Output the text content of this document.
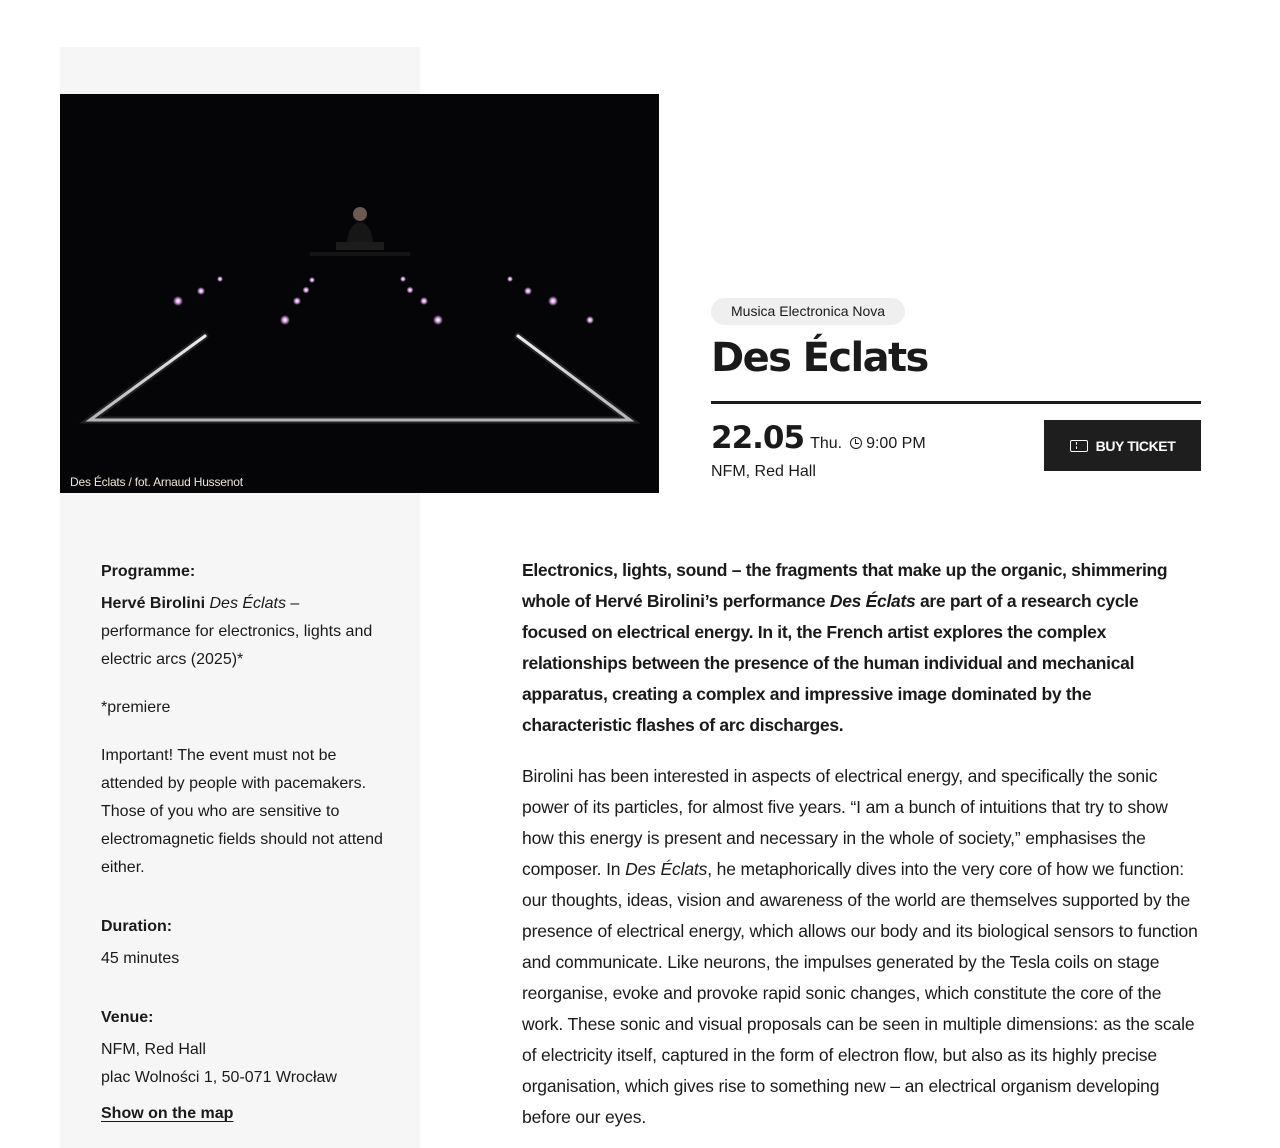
Des Éclats / fot. Arnaud Hussenot
Musica Electronica Nova
Des Éclats
22.05 Thu. 9:00 PM
NFM, Red Hall
BUY TICKET
Programme:
Hervé Birolini Des Éclats – performance for electronics, lights and electric arcs (2025)*
*premiere
Important! The event must not be attended by people with pacemakers. Those of you who are sensitive to electromagnetic fields should not attend either.
Duration:
45 minutes
Venue:
NFM, Red Hall
plac Wolności 1, 50-071 Wrocław
Show on the map

Electronics, lights, sound – the fragments that make up the organic, shimmering whole of Hervé Birolini’s performance Des Éclats are part of a research cycle focused on electrical energy. In it, the French artist explores the complex relationships between the presence of the human individual and mechanical apparatus, creating a complex and impressive image dominated by the characteristic flashes of arc discharges.

Birolini has been interested in aspects of electrical energy, and specifically the sonic power of its particles, for almost five years. “I am a bunch of intuitions that try to show how this energy is present and necessary in the whole of society,” emphasises the composer. In Des Éclats, he metaphorically dives into the very core of how we function: our thoughts, ideas, vision and awareness of the world are themselves supported by the presence of electrical energy, which allows our body and its biological sensors to function and communicate. Like neurons, the impulses generated by the Tesla coils on stage reorganise, evoke and provoke rapid sonic changes, which constitute the core of the work. These sonic and visual proposals can be seen in multiple dimensions: as the scale of electricity itself, captured in the form of electron flow, but also as its highly precise organisation, which gives rise to something new – an electrical organism developing before our eyes.
